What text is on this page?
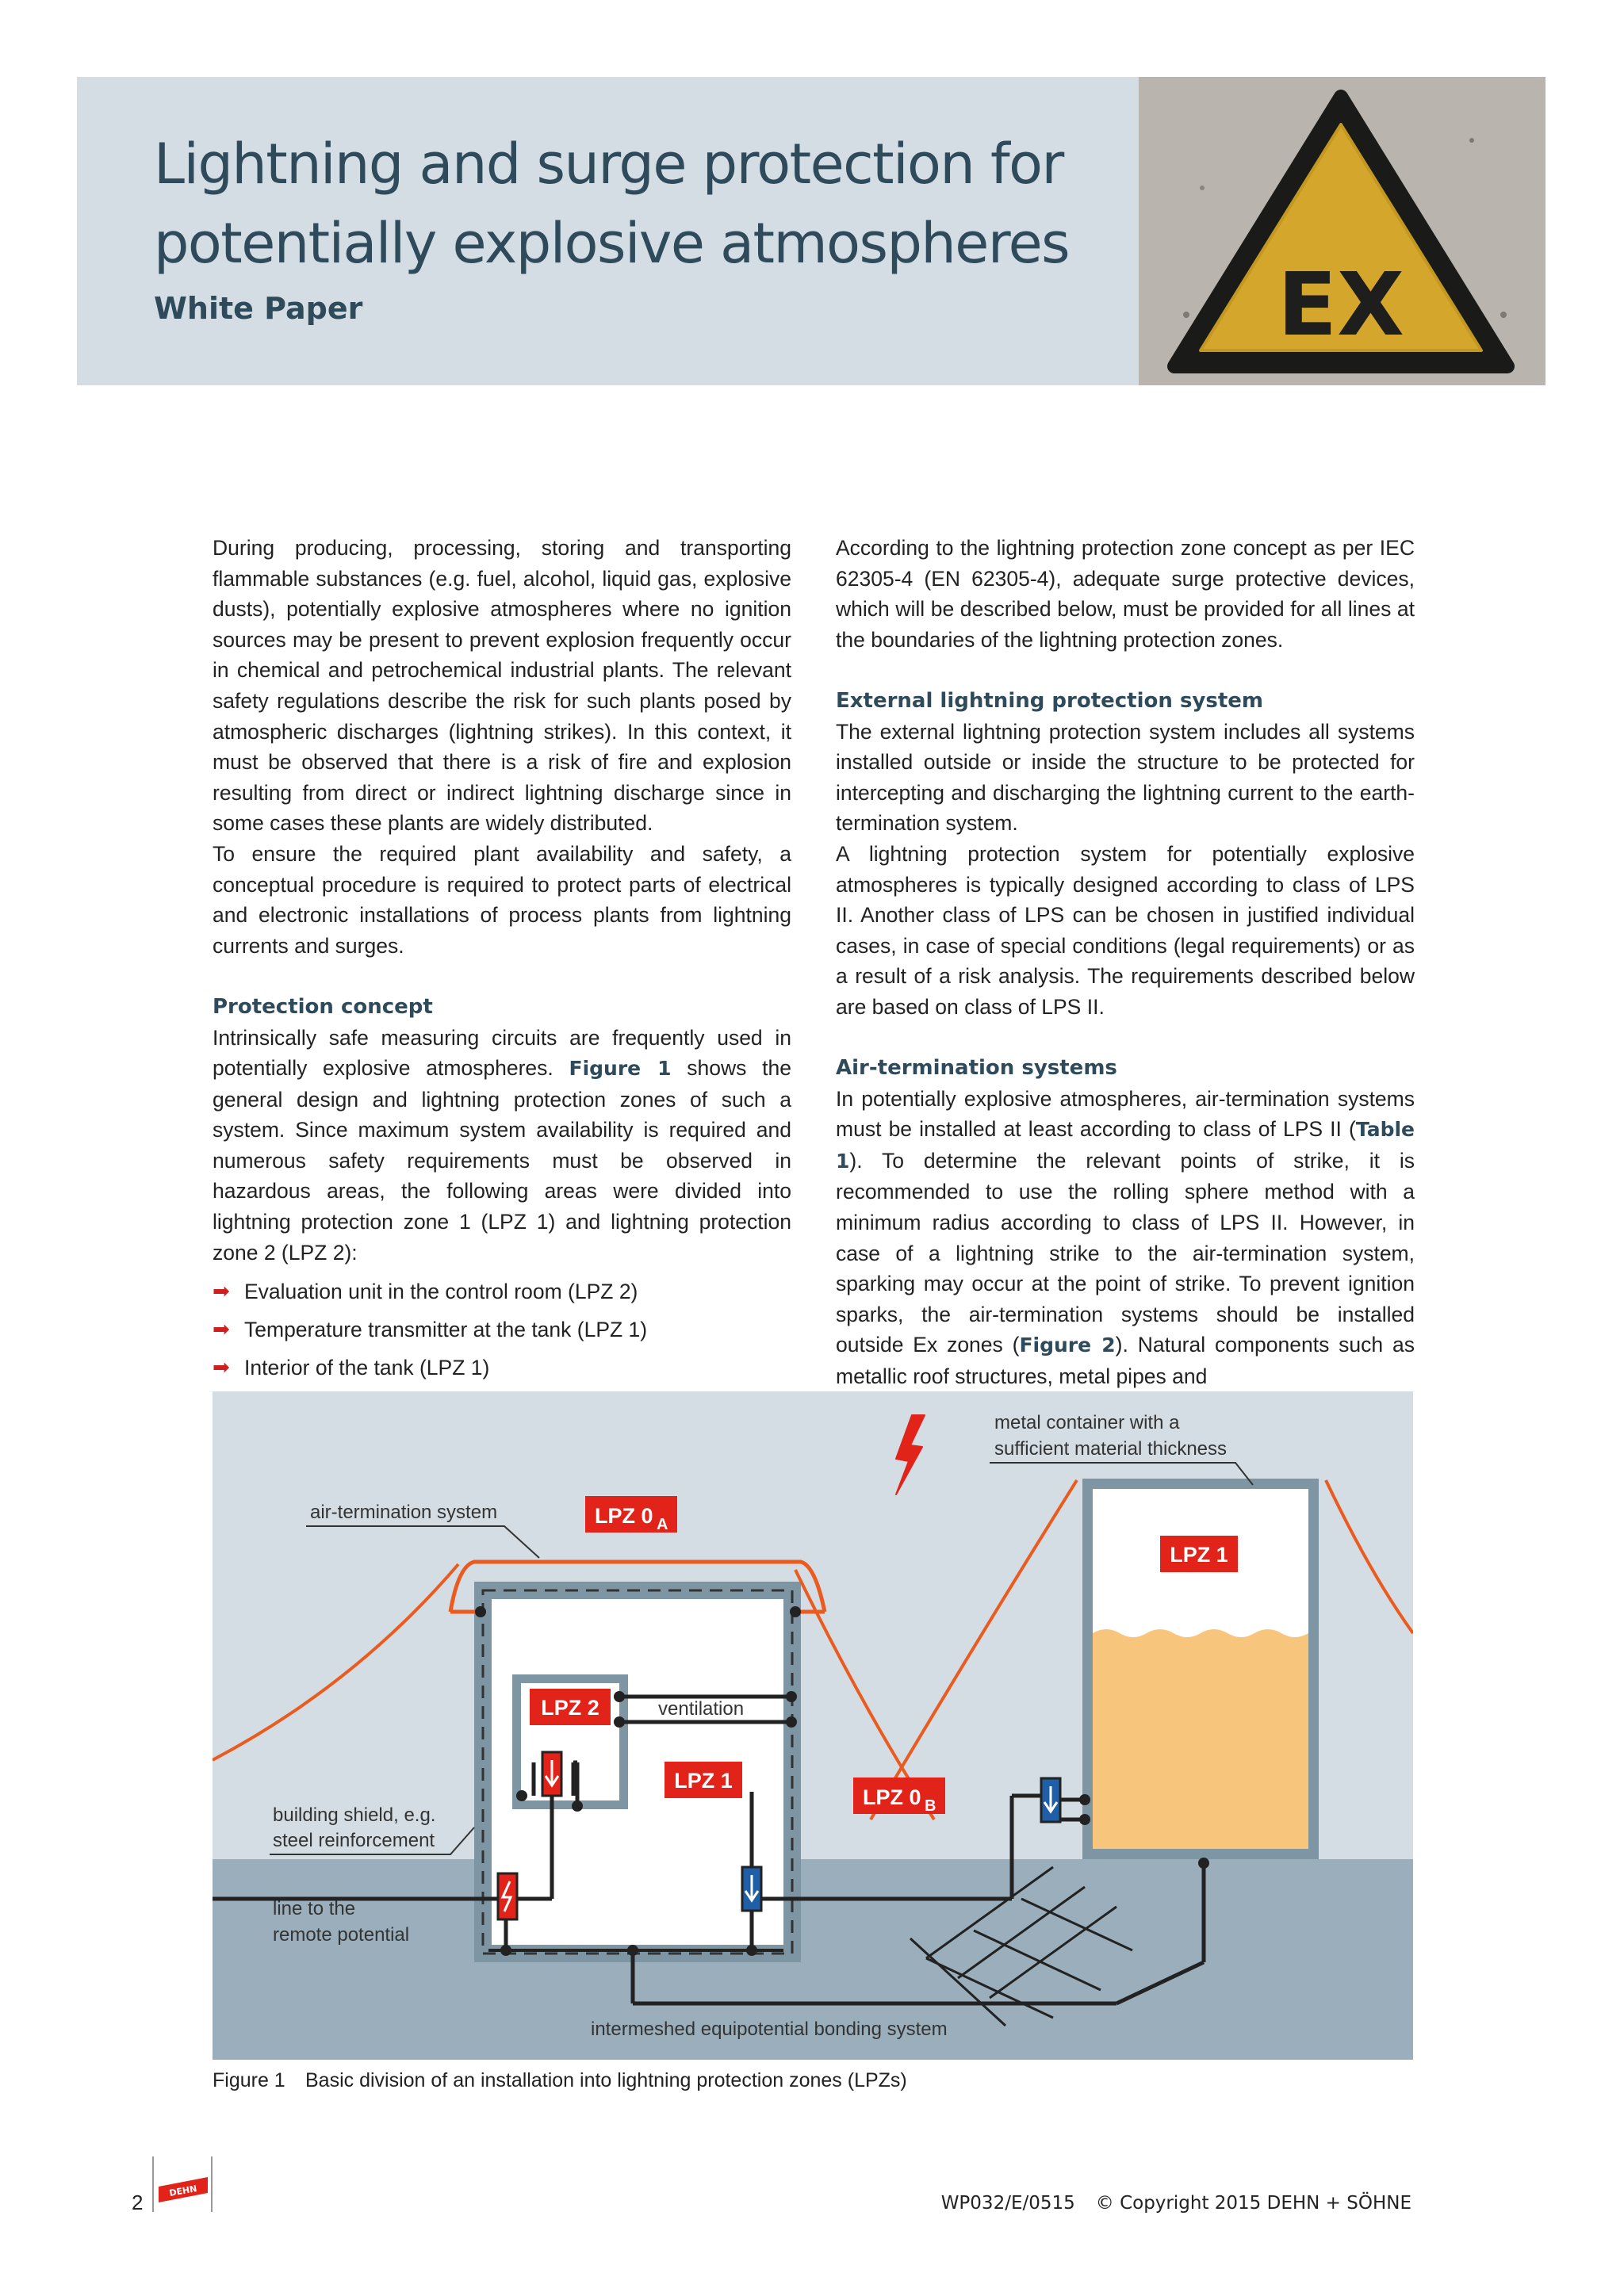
Lightning and surge protection for
potentially explosive atmospheres
White Paper	EX

During producing, processing, storing and transporting flammable substances (e.g. fuel, alcohol, liquid gas, explosive dusts), potentially explosive atmospheres where no ignition sources may be present to prevent explosion frequently occur in chemical and petrochemical industrial plants. The relevant safety regulations describe the risk for such plants posed by atmospheric discharges (lightning strikes). In this context, it must be observed that there is a risk of fire and explosion resulting from direct or indirect lightning discharge since in some cases these plants are widely distributed.

To ensure the required plant availability and safety, a conceptual procedure is required to protect parts of electrical and electronic installations of process plants from lightning currents and surges.

Protection concept

Intrinsically safe measuring circuits are frequently used in potentially explosive atmospheres. Figure 1 shows the general design and lightning protection zones of such a system. Since maximum system availability is required and numerous safety requirements must be observed in hazardous areas, the following areas were divided into lightning protection zone 1 (LPZ 1) and lightning protection zone 2 (LPZ 2):

➡ Evaluation unit in the control room (LPZ 2)
➡ Temperature transmitter at the tank (LPZ 1)
➡ Interior of the tank (LPZ 1)

According to the lightning protection zone concept as per IEC 62305-4 (EN 62305-4), adequate surge protective devices, which will be described below, must be provided for all lines at the boundaries of the lightning protection zones.

External lightning protection system

The external lightning protection system includes all systems installed outside or inside the structure to be protected for intercepting and discharging the lightning current to the earth-termination system.

A lightning protection system for potentially explosive atmospheres is typically designed according to class of LPS II. Another class of LPS can be chosen in justified individual cases, in case of special conditions (legal requirements) or as a result of a risk analysis. The requirements described below are based on class of LPS II.

Air-termination systems

In potentially explosive atmospheres, air-termination systems must be installed at least according to class of LPS II (Table 1). To determine the relevant points of strike, it is recommended to use the rolling sphere method with a minimum radius according to class of LPS II. However, in case of a lightning strike to the air-termination system, sparking may occur at the point of strike. To prevent ignition sparks, the air-termination systems should be installed outside Ex zones (Figure 2). Natural components such as metallic roof structures, metal pipes and

LPZ 0 A
LPZ 1
LPZ 2
LPZ 1
LPZ 0 B
air-termination system
metal container with a
sufficient material thickness
building shield, e.g.
steel reinforcement
line to the
remote potential
ventilation
intermeshed equipotential bonding system
Figure 1 Basic division of an installation into lightning protection zones (LPZs)
2	DEHN
WP032/E/0515 © Copyright 2015 DEHN + SÖHNE
